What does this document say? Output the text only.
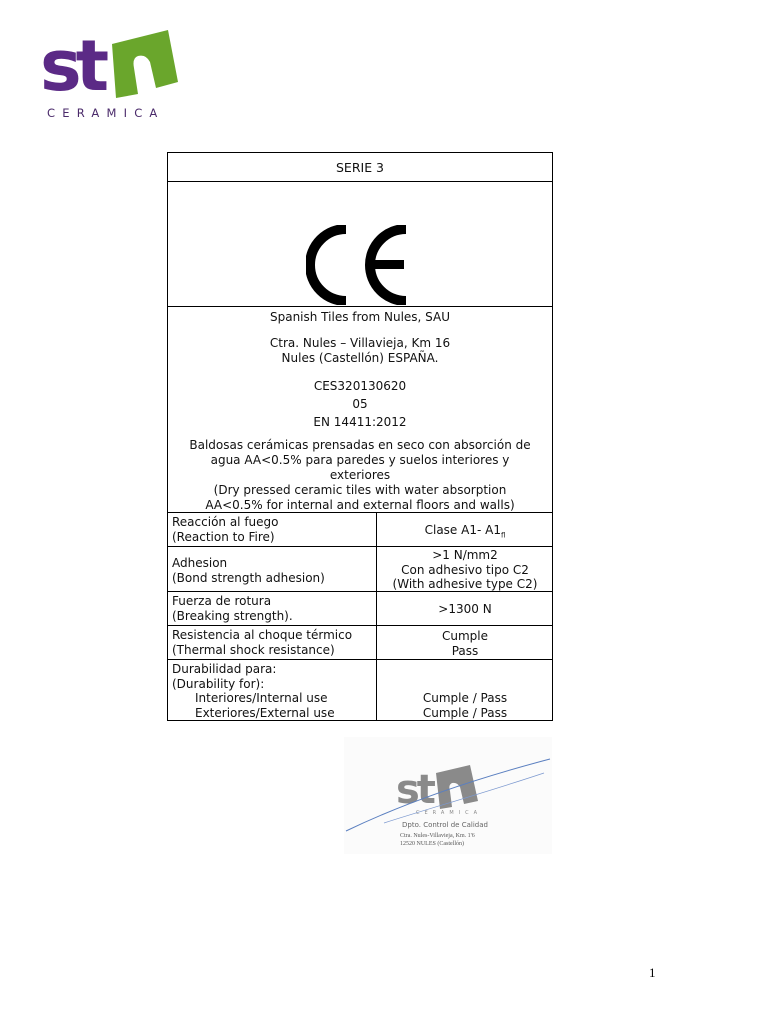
st
CERAMICA
SERIE 3
Spanish Tiles from Nules, SAU
Ctra. Nules – Villavieja, Km 16
Nules (Castellón) ESPAÑA.
CES320130620
05
EN 14411:2012
Baldosas cerámicas prensadas en seco con absorción de
agua AA<0.5% para paredes y suelos interiores y
exteriores
(Dry pressed ceramic tiles with water absorption
AA<0.5% for internal and external floors and walls)
Reacción al fuego
(Reaction to Fire)	Clase A1- $A1_{fl}$
Adhesion
(Bond strength adhesion)
>1 N/mm2
Con adhesivo tipo C2
(With adhesive type C2)
Fuerza de rotura
(Breaking strength).	>1300 N
Resistencia al choque térmico
(Thermal shock resistance)
Cumple
Pass
Durabilidad para:
(Durability for):
Interiores/Internal use
Exteriores/External use
Cumple / Pass
Cumple / Pass
st
CERAMICA
Dpto. Control de Calidad
Ctra. Nules-Villavieja, Km. 1'6
12520 NULES (Castellón)
1
